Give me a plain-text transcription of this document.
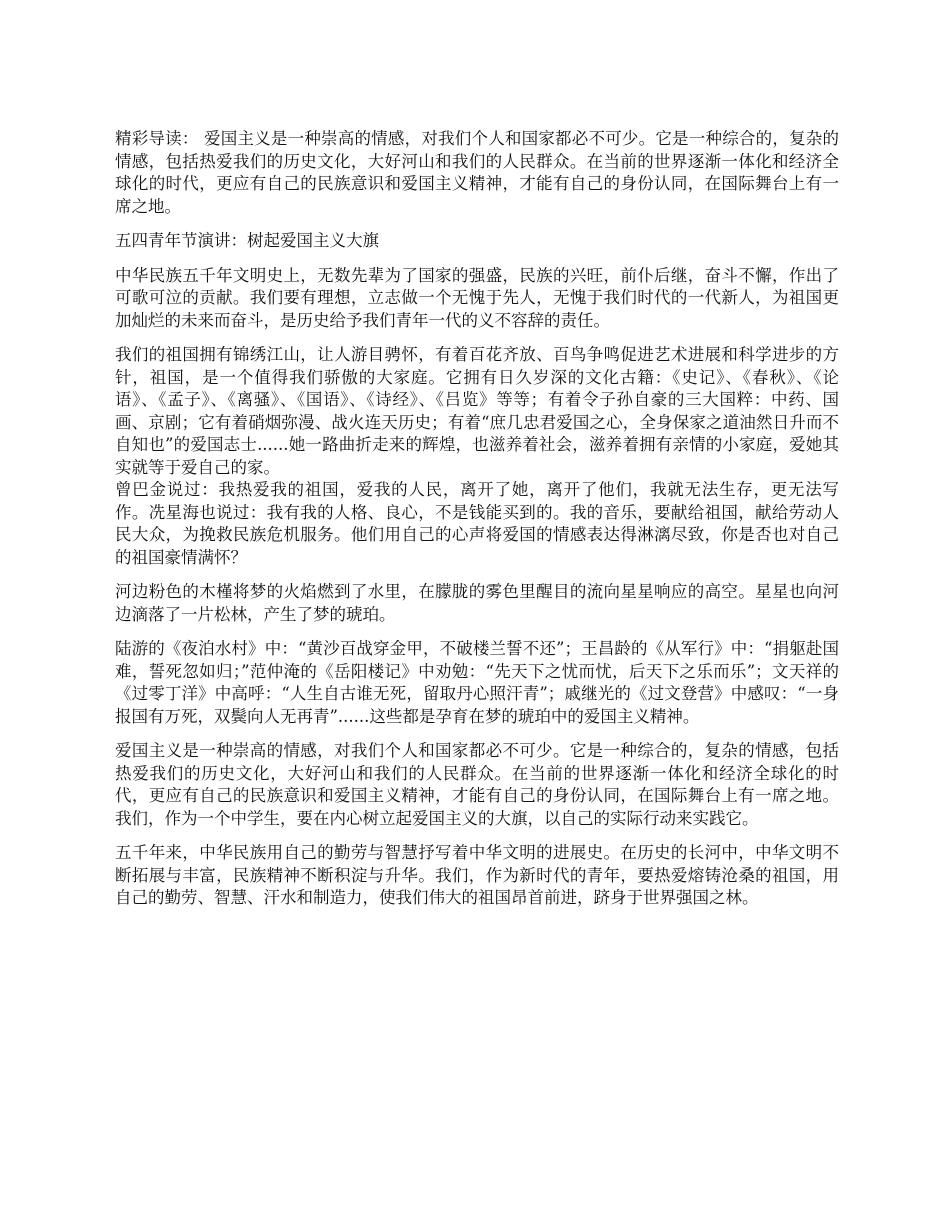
精彩导读： 爱国主义是一种崇高的情感，对我们个人和国家都必不可少。它是一种综合的，复杂的情感，包括热爱我们的历史文化，大好河山和我们的人民群众。在当前的世界逐渐一体化和经济全球化的时代，更应有自己的民族意识和爱国主义精神，才能有自己的身份认同，在国际舞台上有一席之地。

五四青年节演讲：树起爱国主义大旗

中华民族五千年文明史上，无数先辈为了国家的强盛，民族的兴旺，前仆后继，奋斗不懈，作出了可歌可泣的贡献。我们要有理想，立志做一个无愧于先人，无愧于我们时代的一代新人，为祖国更加灿烂的未来而奋斗，是历史给予我们青年一代的义不容辞的责任。

我们的祖国拥有锦绣江山，让人游目骋怀，有着百花齐放、百鸟争鸣促进艺术进展和科学进步的方针，祖国，是一个值得我们骄傲的大家庭。它拥有日久岁深的文化古籍：《史记》、《春秋》、《论语》、《孟子》、《离骚》、《国语》、《诗经》、《吕览》等等；有着令子孙自豪的三大国粹：中药、国画、京剧；它有着硝烟弥漫、战火连天历史；有着“庶几忠君爱国之心，全身保家之道油然日升而不自知也”的爱国志士......她一路曲折走来的辉煌，也滋养着社会，滋养着拥有亲情的小家庭，爱她其实就等于爱自己的家。

曾巴金说过：我热爱我的祖国，爱我的人民，离开了她，离开了他们，我就无法生存，更无法写作。冼星海也说过：我有我的人格、良心，不是钱能买到的。我的音乐，要献给祖国，献给劳动人民大众，为挽救民族危机服务。他们用自己的心声将爱国的情感表达得淋漓尽致，你是否也对自己的祖国豪情满怀？

河边粉色的木槿将梦的火焰燃到了水里，在朦胧的雾色里醒目的流向星星响应的高空。星星也向河边滴落了一片松林，产生了梦的琥珀。

陆游的《夜泊水村》中：“黄沙百战穿金甲，不破楼兰誓不还”；王昌龄的《从军行》中：“捐躯赴国难，誓死忽如归；”范仲淹的《岳阳楼记》中劝勉：“先天下之忧而忧，后天下之乐而乐”；文天祥的《过零丁洋》中高呼：“人生自古谁无死，留取丹心照汗青”；戚继光的《过文登营》中感叹：“一身报国有万死，双鬓向人无再青”......这些都是孕育在梦的琥珀中的爱国主义精神。

爱国主义是一种崇高的情感，对我们个人和国家都必不可少。它是一种综合的，复杂的情感，包括热爱我们的历史文化，大好河山和我们的人民群众。在当前的世界逐渐一体化和经济全球化的时代，更应有自己的民族意识和爱国主义精神，才能有自己的身份认同，在国际舞台上有一席之地。我们，作为一个中学生，要在内心树立起爱国主义的大旗，以自己的实际行动来实践它。

五千年来，中华民族用自己的勤劳与智慧抒写着中华文明的进展史。在历史的长河中，中华文明不断拓展与丰富，民族精神不断积淀与升华。我们，作为新时代的青年，要热爱熔铸沧桑的祖国，用自己的勤劳、智慧、汗水和制造力，使我们伟大的祖国昂首前进，跻身于世界强国之林。
